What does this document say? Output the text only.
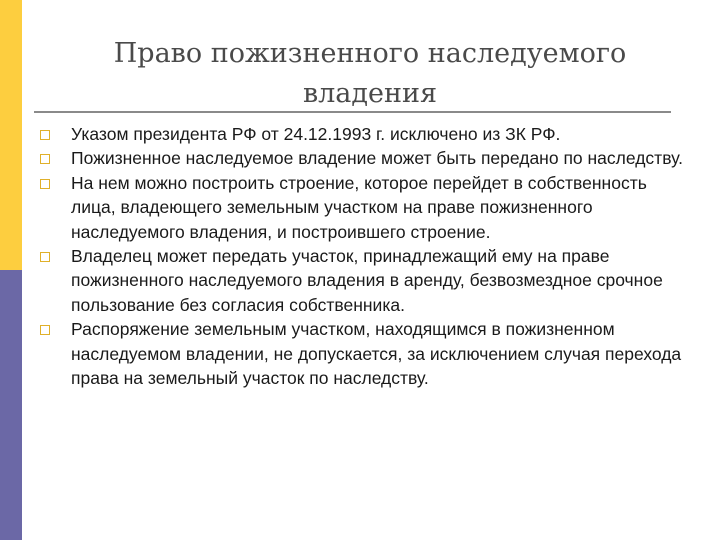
Право пожизненного наследуемого
владения
Указом президента РФ от 24.12.1993 г. исключено из ЗК РФ.
Пожизненное наследуемое владение может быть передано по наследству.
На нем можно построить строение, которое перейдет в собственность лица, владеющего земельным участком на праве пожизненного наследуемого владения, и построившего строение.
Владелец может передать участок, принадлежащий ему на праве пожизненного наследуемого владения в аренду, безвозмездное срочное пользование без согласия собственника.
Распоряжение земельным участком, находящимся в пожизненном наследуемом владении, не допускается, за исключением случая перехода права на земельный участок по наследству.
